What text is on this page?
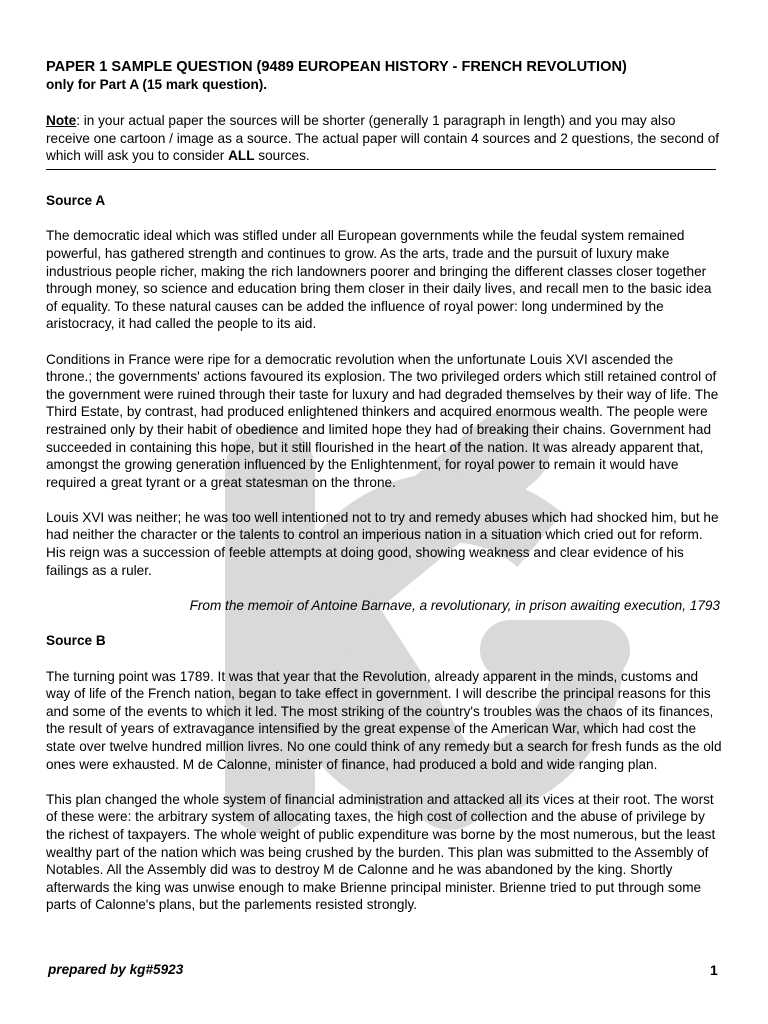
PAPER 1 SAMPLE QUESTION (9489 EUROPEAN HISTORY - FRENCH REVOLUTION)
only for Part A (15 mark question).

Note: in your actual paper the sources will be shorter (generally 1 paragraph in length) and you may also receive one cartoon / image as a source. The actual paper will contain 4 sources and 2 questions, the second of which will ask you to consider ALL sources.

Source A

The democratic ideal which was stifled under all European governments while the feudal system remained powerful, has gathered strength and continues to grow. As the arts, trade and the pursuit of luxury make industrious people richer, making the rich landowners poorer and bringing the different classes closer together through money, so science and education bring them closer in their daily lives, and recall men to the basic idea of equality. To these natural causes can be added the influence of royal power: long undermined by the aristocracy, it had called the people to its aid.

Conditions in France were ripe for a democratic revolution when the unfortunate Louis XVI ascended the throne.; the governments' actions favoured its explosion. The two privileged orders which still retained control of the government were ruined through their taste for luxury and had degraded themselves by their way of life. The Third Estate, by contrast, had produced enlightened thinkers and acquired enormous wealth. The people were restrained only by their habit of obedience and limited hope they had of breaking their chains. Government had succeeded in containing this hope, but it still flourished in the heart of the nation. It was already apparent that, amongst the growing generation influenced by the Enlightenment, for royal power to remain it would have required a great tyrant or a great statesman on the throne.

Louis XVI was neither; he was too well intentioned not to try and remedy abuses which had shocked him, but he had neither the character or the talents to control an imperious nation in a situation which cried out for reform. His reign was a succession of feeble attempts at doing good, showing weakness and clear evidence of his failings as a ruler.

From the memoir of Antoine Barnave, a revolutionary, in prison awaiting execution, 1793

Source B

The turning point was 1789. It was that year that the Revolution, already apparent in the minds, customs and way of life of the French nation, began to take effect in government. I will describe the principal reasons for this and some of the events to which it led. The most striking of the country's troubles was the chaos of its finances, the result of years of extravagance intensified by the great expense of the American War, which had cost the state over twelve hundred million livres. No one could think of any remedy but a search for fresh funds as the old ones were exhausted. M de Calonne, minister of finance, had produced a bold and wide ranging plan.

This plan changed the whole system of financial administration and attacked all its vices at their root. The worst of these were: the arbitrary system of allocating taxes, the high cost of collection and the abuse of privilege by the richest of taxpayers. The whole weight of public expenditure was borne by the most numerous, but the least wealthy part of the nation which was being crushed by the burden. This plan was submitted to the Assembly of Notables. All the Assembly did was to destroy M de Calonne and he was abandoned by the king. Shortly afterwards the king was unwise enough to make Brienne principal minister. Brienne tried to put through some parts of Calonne's plans, but the parlements resisted strongly.

prepared by kg#5923	1
